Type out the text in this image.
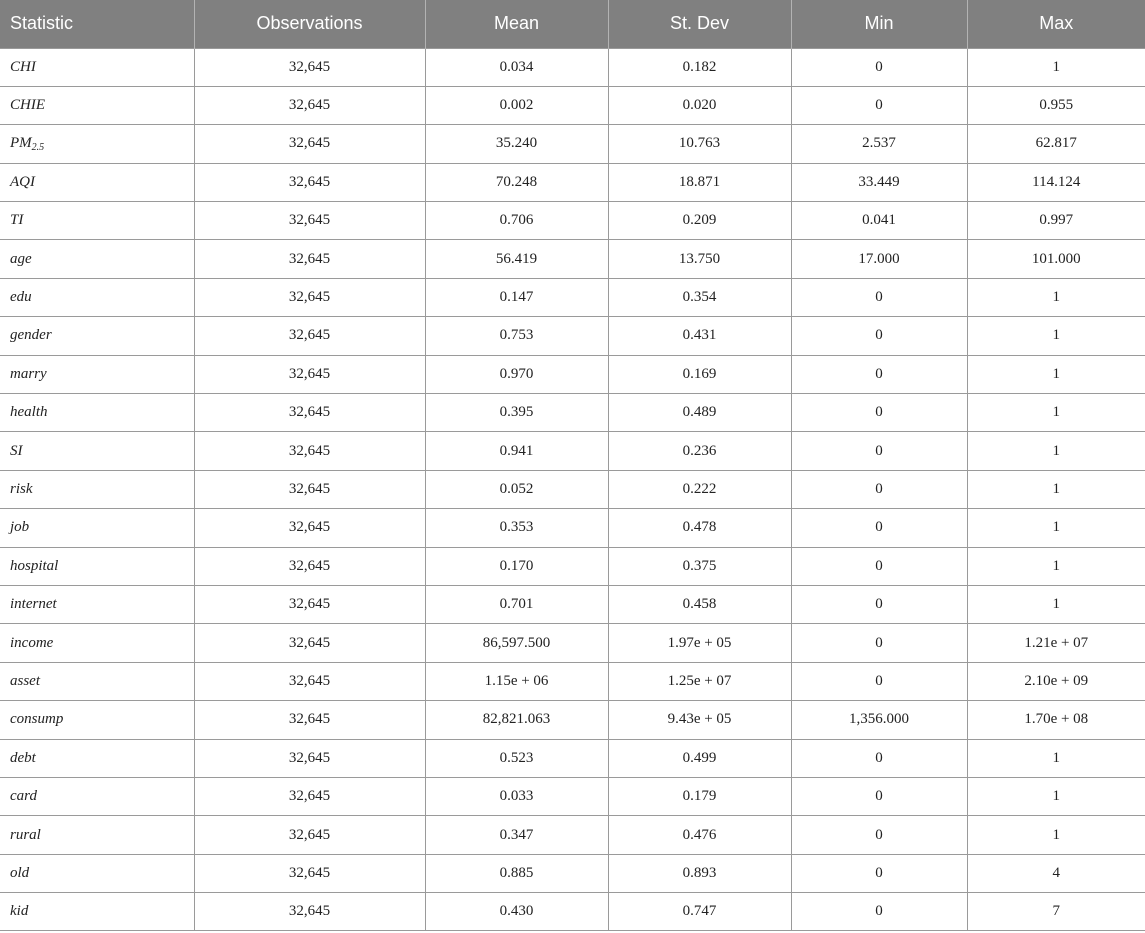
Statistic	Observations	Mean	St. Dev	Min	Max
CHI	32,645	0.034	0.182	0	1
CHIE	32,645	0.002	0.020	0	0.955
$PM_{2.5}$	32,645	35.240	10.763	2.537	62.817
AQI	32,645	70.248	18.871	33.449	114.124
TI	32,645	0.706	0.209	0.041	0.997
age	32,645	56.419	13.750	17.000	101.000
edu	32,645	0.147	0.354	0	1
gender	32,645	0.753	0.431	0	1
marry	32,645	0.970	0.169	0	1
health	32,645	0.395	0.489	0	1
SI	32,645	0.941	0.236	0	1
risk	32,645	0.052	0.222	0	1
job	32,645	0.353	0.478	0	1
hospital	32,645	0.170	0.375	0	1
internet	32,645	0.701	0.458	0	1
income	32,645	86,597.500	1.97e + 05	0	1.21e + 07
asset	32,645	1.15e + 06	1.25e + 07	0	2.10e + 09
consump	32,645	82,821.063	9.43e + 05	1,356.000	1.70e + 08
debt	32,645	0.523	0.499	0	1
card	32,645	0.033	0.179	0	1
rural	32,645	0.347	0.476	0	1
old	32,645	0.885	0.893	0	4
kid	32,645	0.430	0.747	0	7
